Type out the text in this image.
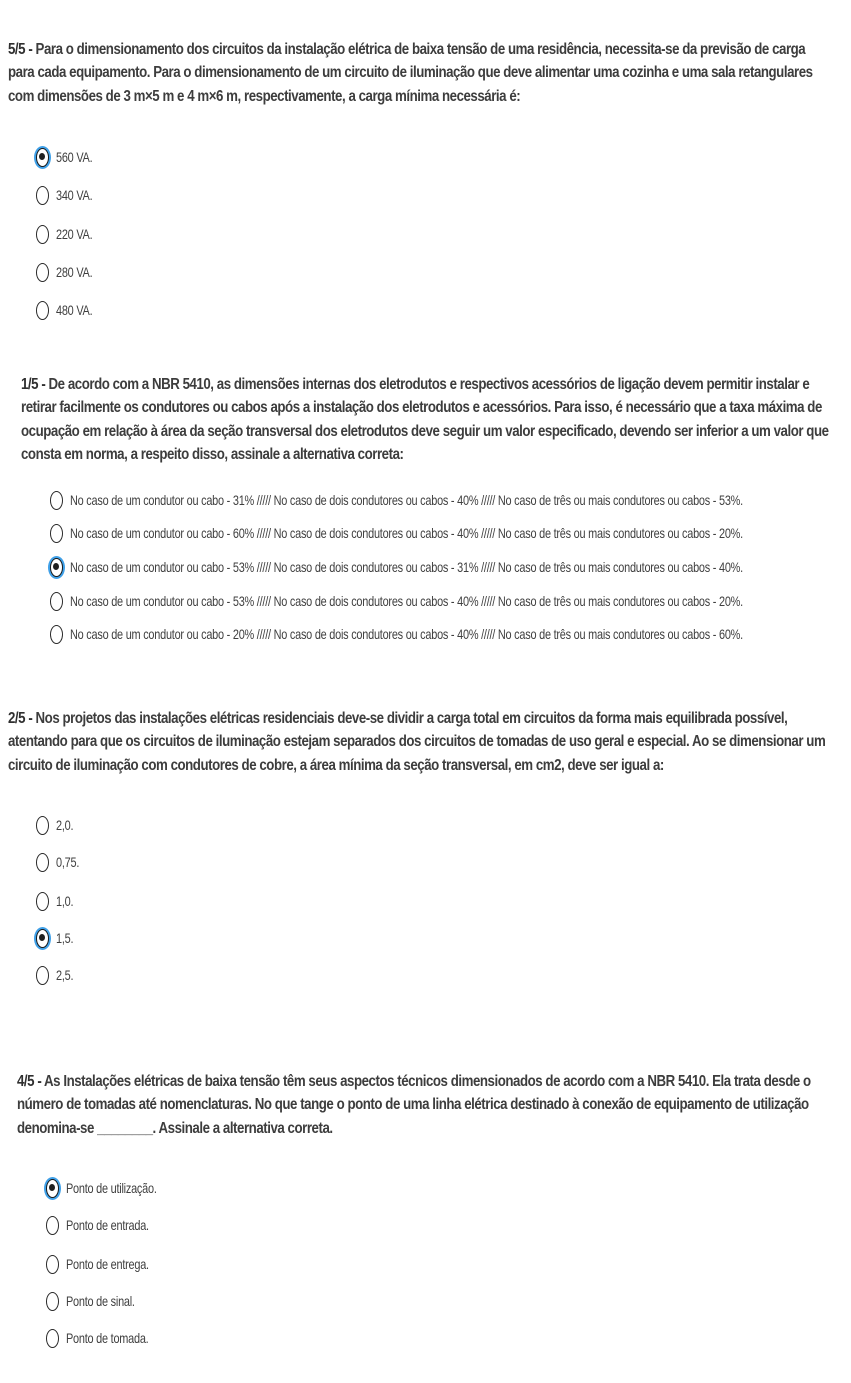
5/5 - Para o dimensionamento dos circuitos da instalação elétrica de baixa tensão de uma residência, necessita-se da previsão de carga para cada equipamento. Para o dimensionamento de um circuito de iluminação que deve alimentar uma cozinha e uma sala retangulares com dimensões de 3 m×5 m e 4 m×6 m, respectivamente, a carga mínima necessária é:

560 VA.
340 VA.
220 VA.
280 VA.
480 VA.

1/5 - De acordo com a NBR 5410, as dimensões internas dos eletrodutos e respectivos acessórios de ligação devem permitir instalar e retirar facilmente os condutores ou cabos após a instalação dos eletrodutos e acessórios. Para isso, é necessário que a taxa máxima de ocupação em relação à área da seção transversal dos eletrodutos deve seguir um valor especificado, devendo ser inferior a um valor que consta em norma, a respeito disso, assinale a alternativa correta:

No caso de um condutor ou cabo - 31% ///// No caso de dois condutores ou cabos - 40% ///// No caso de três ou mais condutores ou cabos - 53%.
No caso de um condutor ou cabo - 60% ///// No caso de dois condutores ou cabos - 40% ///// No caso de três ou mais condutores ou cabos - 20%.
No caso de um condutor ou cabo - 53% ///// No caso de dois condutores ou cabos - 31% ///// No caso de três ou mais condutores ou cabos - 40%.
No caso de um condutor ou cabo - 53% ///// No caso de dois condutores ou cabos - 40% ///// No caso de três ou mais condutores ou cabos - 20%.
No caso de um condutor ou cabo - 20% ///// No caso de dois condutores ou cabos - 40% ///// No caso de três ou mais condutores ou cabos - 60%.

2/5 - Nos projetos das instalações elétricas residenciais deve-se dividir a carga total em circuitos da forma mais equilibrada possível, atentando para que os circuitos de iluminação estejam separados dos circuitos de tomadas de uso geral e especial. Ao se dimensionar um circuito de iluminação com condutores de cobre, a área mínima da seção transversal, em cm2, deve ser igual a:

2,0.
0,75.
1,0.
1,5.
2,5.

4/5 - As Instalações elétricas de baixa tensão têm seus aspectos técnicos dimensionados de acordo com a NBR 5410. Ela trata desde o número de tomadas até nomenclaturas. No que tange o ponto de uma linha elétrica destinado à conexão de equipamento de utilização denomina-se ________. Assinale a alternativa correta.

Ponto de utilização.
Ponto de entrada.
Ponto de entrega.
Ponto de sinal.
Ponto de tomada.
